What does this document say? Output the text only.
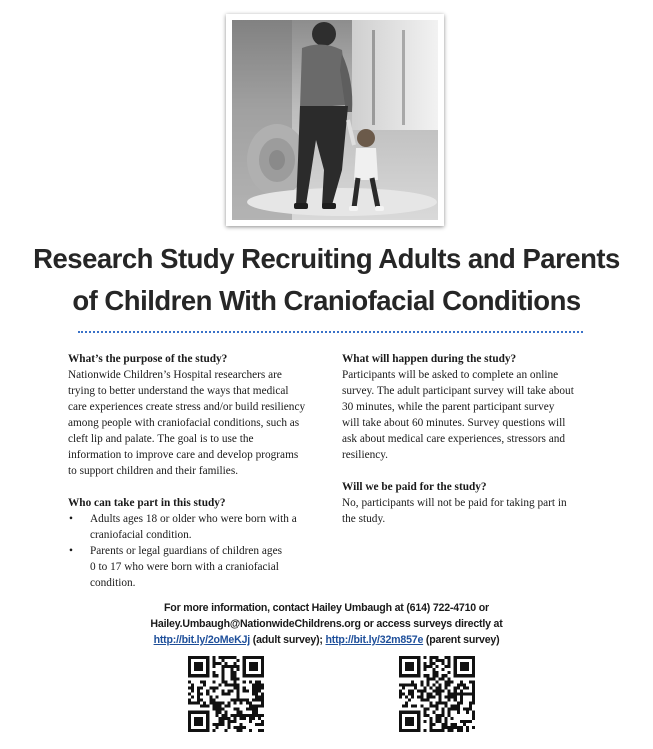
Research Study Recruiting Adults and Parents
of Children With Craniofacial Conditions

What’s the purpose of the study?

Nationwide Children’s Hospital researchers are
trying to better understand the ways that medical
care experiences create stress and/or build resiliency
among people with craniofacial conditions, such as
cleft lip and palate. The goal is to use the
information to improve care and develop programs
to support children and their families.

Who can take part in this study?

• Adults ages 18 or older who were born with a
craniofacial condition.
• Parents or legal guardians of children ages
0 to 17 who were born with a craniofacial
condition.

What will happen during the study?

Participants will be asked to complete an online
survey. The adult participant survey will take about
30 minutes, while the parent participant survey
will take about 60 minutes. Survey questions will
ask about medical care experiences, stressors and
resiliency.

Will we be paid for the study?

No, participants will not be paid for taking part in
the study.

For more information, contact Hailey Umbaugh at (614) 722-4710 or
Hailey.Umbaugh@NationwideChildrens.org or access surveys directly at
http://bit.ly/2oMeKJj (adult survey); http://bit.ly/32m857e (parent survey)
